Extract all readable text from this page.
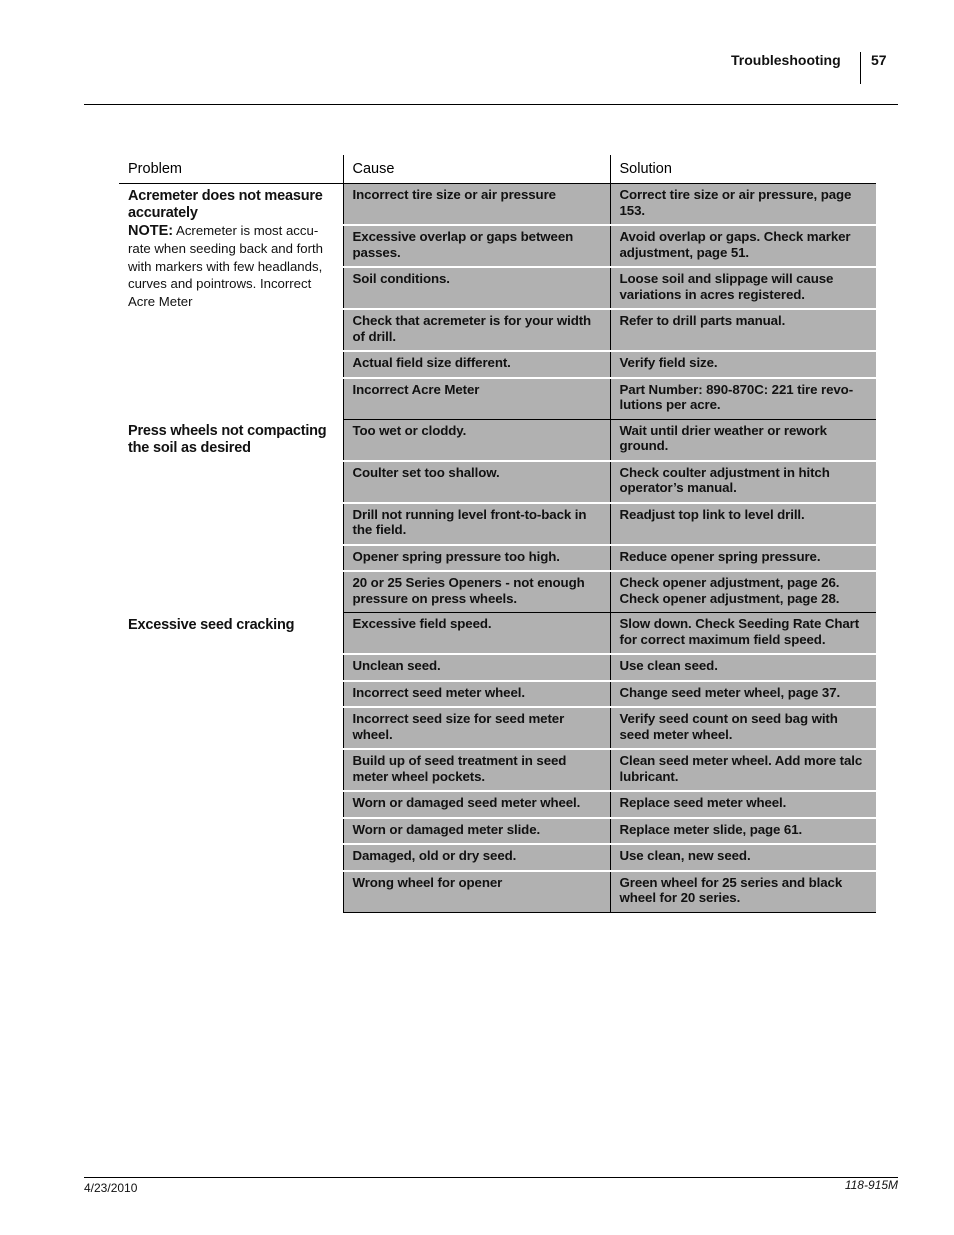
Troubleshooting 57
Problem	Cause	Solution

Acremeter does not measure accurately
NOTE: Acremeter is most accu-rate when seeding back and forth with markers with few headlands, curves and pointrows. Incorrect Acre Meter	Incorrect tire size or air pressure	Correct tire size or air pressure, page 153.
	Excessive overlap or gaps between passes.	Avoid overlap or gaps. Check marker adjustment, page 51.
	Soil conditions.	Loose soil and slippage will cause variations in acres registered.
	Check that acremeter is for your width of drill.	Refer to drill parts manual.
	Actual field size different.	Verify field size.
	Incorrect Acre Meter	Part Number: 890-870C: 221 tire revo-lutions per acre.

Press wheels not compacting the soil as desired	Too wet or cloddy.	Wait until drier weather or rework ground.
	Coulter set too shallow.	Check coulter adjustment in hitch operator’s manual.
	Drill not running level front-to-back in the field.	Readjust top link to level drill.
	Opener spring pressure too high.	Reduce opener spring pressure.
	20 or 25 Series Openers - not enough pressure on press wheels.	Check opener adjustment, page 26. Check opener adjustment, page 28.

Excessive seed cracking	Excessive field speed.	Slow down. Check Seeding Rate Chart for correct maximum field speed.
	Unclean seed.	Use clean seed.
	Incorrect seed meter wheel.	Change seed meter wheel, page 37.
	Incorrect seed size for seed meter wheel.	Verify seed count on seed bag with seed meter wheel.
	Build up of seed treatment in seed meter wheel pockets.	Clean seed meter wheel. Add more talc lubricant.
	Worn or damaged seed meter wheel.	Replace seed meter wheel.
	Worn or damaged meter slide.	Replace meter slide, page 61.
	Damaged, old or dry seed.	Use clean, new seed.
	Wrong wheel for opener	Green wheel for 25 series and black wheel for 20 series.
4/23/2010	118-915M
